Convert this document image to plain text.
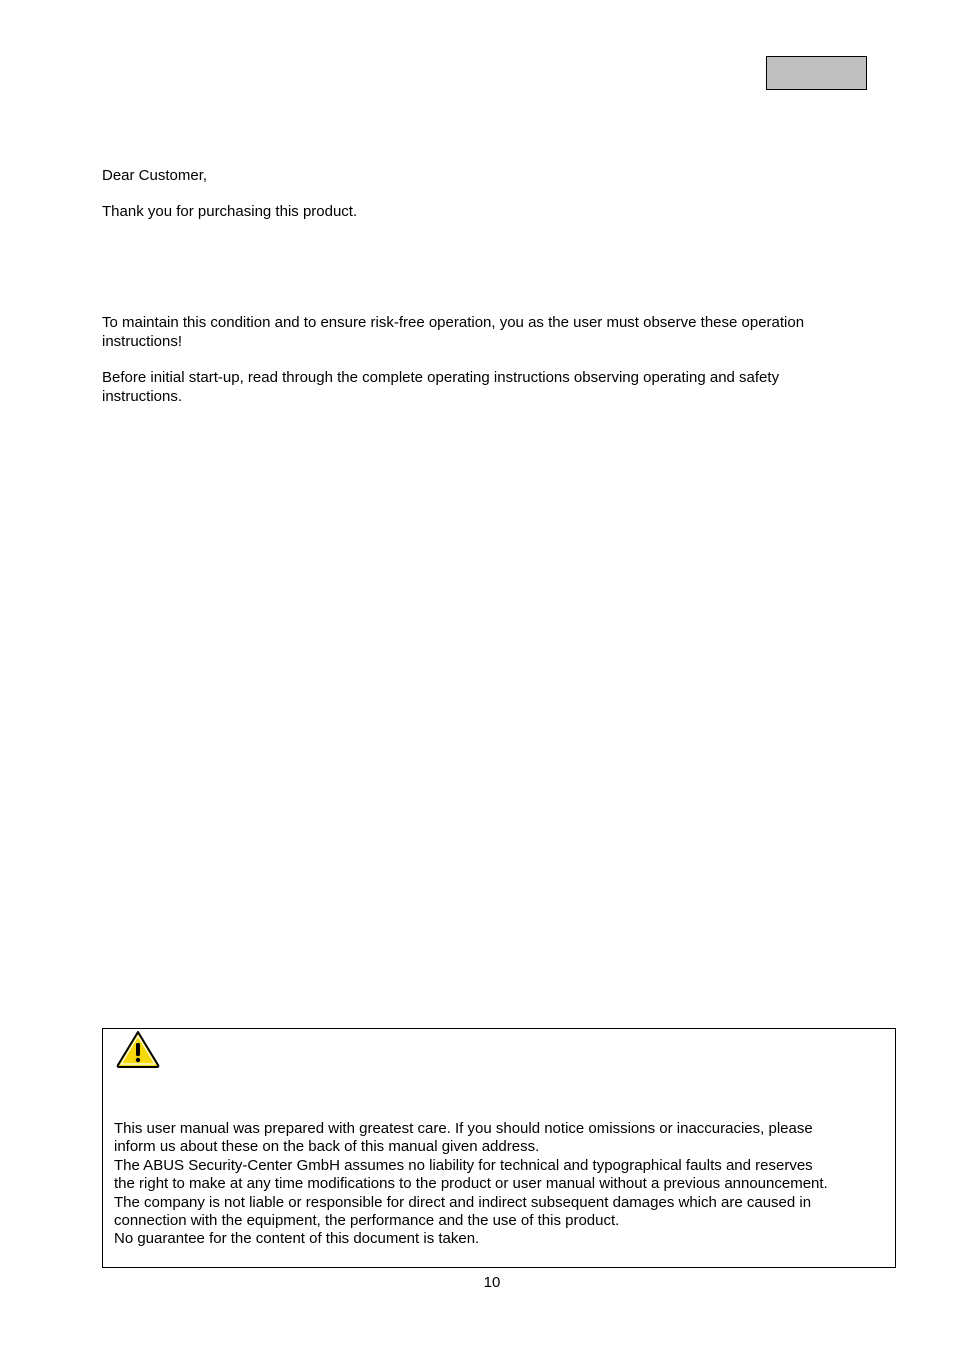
Dear Customer,

Thank you for purchasing this product.

To maintain this condition and to ensure risk-free operation, you as the user must observe these operation
instructions!

Before initial start-up, read through the complete operating instructions observing operating and safety
instructions.

This user manual was prepared with greatest care. If you should notice omissions or inaccuracies, please
inform us about these on the back of this manual given address.
The ABUS Security-Center GmbH assumes no liability for technical and typographical faults and reserves
the right to make at any time modifications to the product or user manual without a previous announcement.
The company is not liable or responsible for direct and indirect subsequent damages which are caused in
connection with the equipment, the performance and the use of this product.
No guarantee for the content of this document is taken.

10
